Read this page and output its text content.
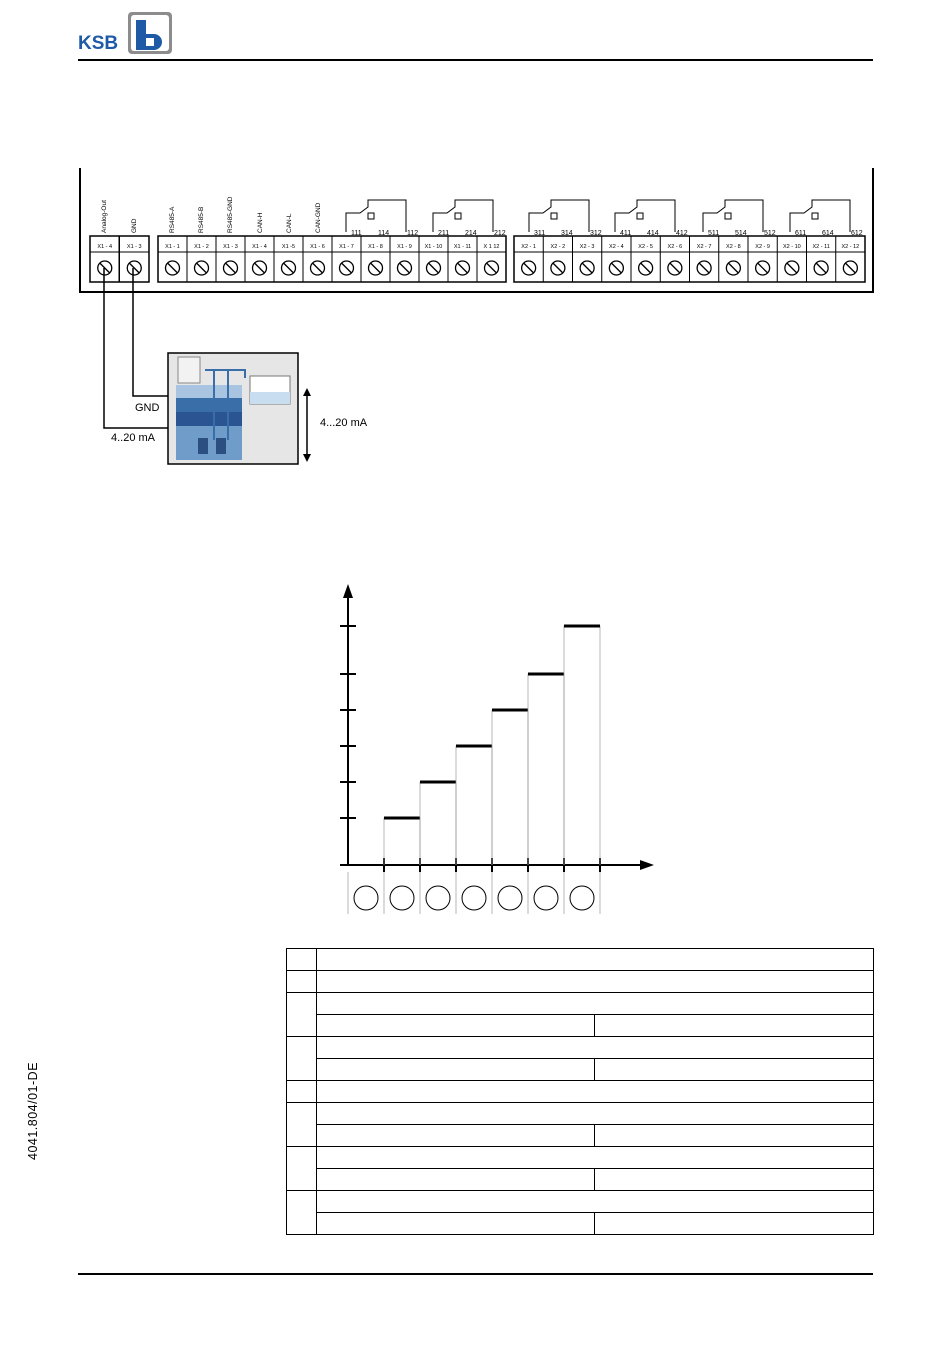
KSB
X1 - 4	X1 - 3	X1 - 1	X1 - 2	X1 - 3	X1 - 4	X1 -5	X1 - 6	X1 - 7	X1 - 8	X1 - 9 X1 - 10 X1 - 11 X 1 12	X2 - 1	X2 - 2	X2 - 3	X2 - 4	X2 - 5	X2 - 6	X2 - 7	X2 - 8	X2 - 9 X2 - 10 X2 - 11 X2 - 12
Analog-Out	GND	RS485-A	RS485-B	RS485-GND	CAN-H	CAN-L	CAN-GND
111 114	112	211 214 212	311 314 312	411 414 412	511 514 512	611 614 612
GND
4..20 mA
4...20 mA

4041.804/01-DE
